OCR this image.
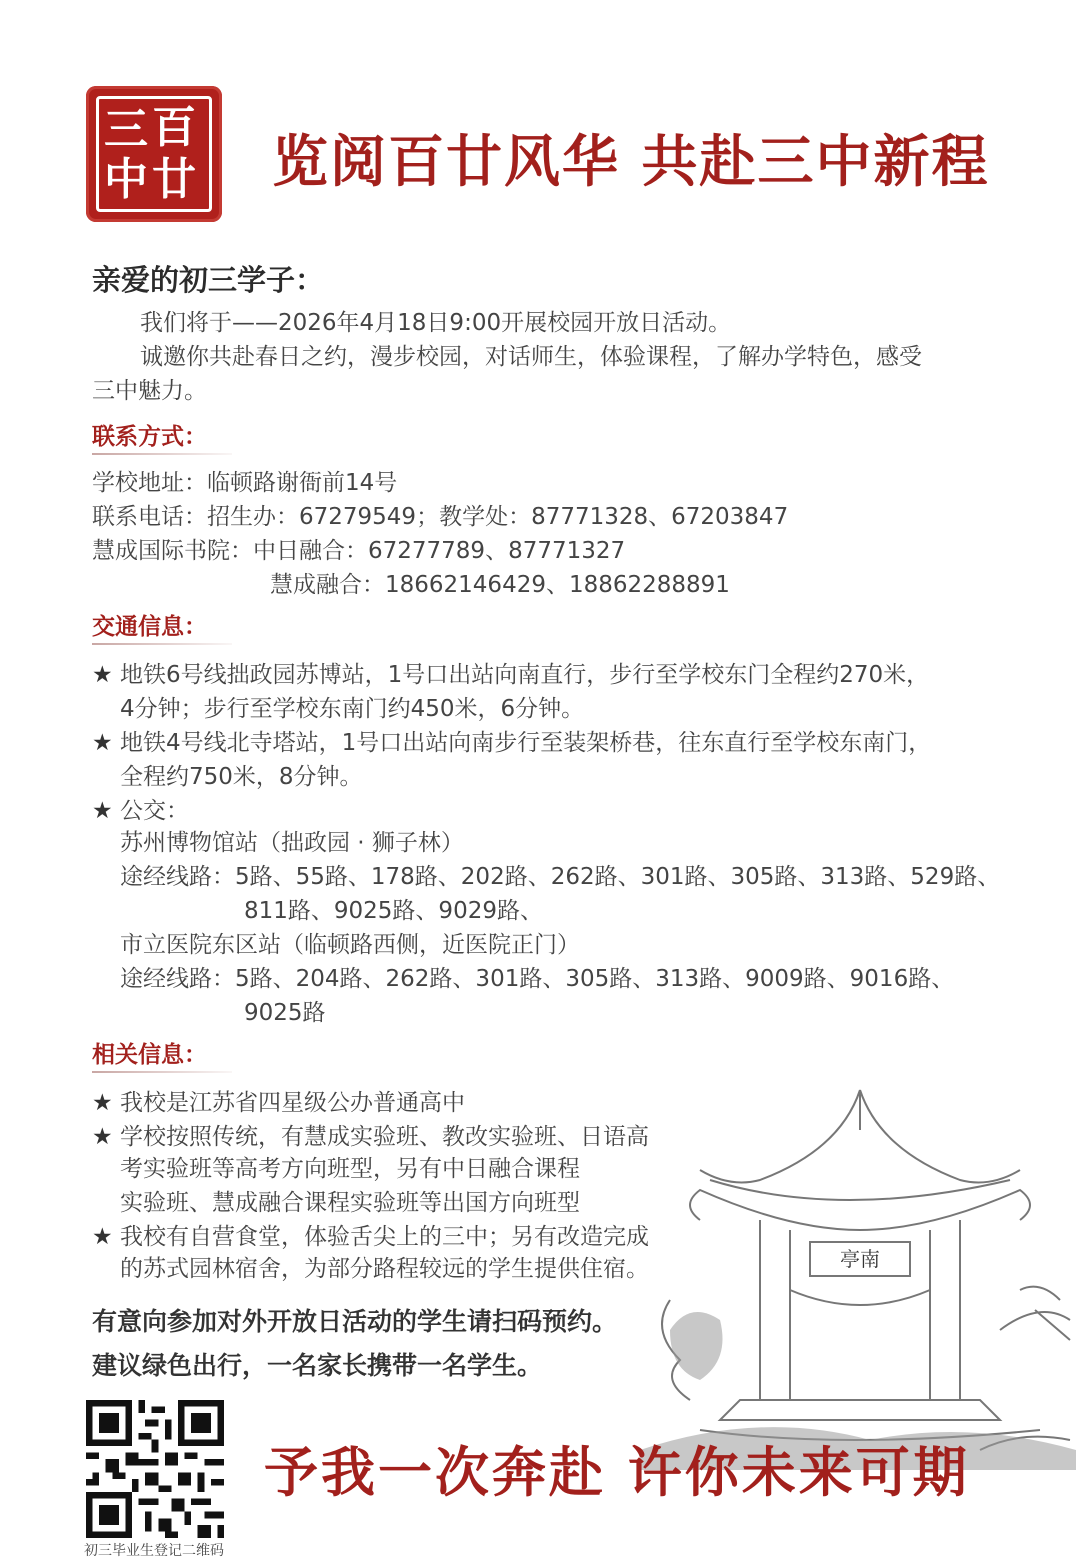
三 百
中 廿 览阅百廿风华 共赴三中新程
亲爱的初三学子：
我们将于——2026年4月18日9:00开展校园开放日活动。
诚邀你共赴春日之约，漫步校园，对话师生，体验课程，了解办学特色，感受
三中魅力。
联系方式：
学校地址：临顿路谢衙前14号
联系电话：招生办：67279549；教学处：87771328、67203847
慧成国际书院：中日融合：67277789、87771327
慧成融合：18662146429、18862288891
交通信息：
★ 地铁6号线拙政园苏博站，1号口出站向南直行，步行至学校东门全程约270米，
4分钟；步行至学校东南门约450米，6分钟。
★ 地铁4号线北寺塔站，1号口出站向南步行至装架桥巷，往东直行至学校东南门，
全程约750米，8分钟。
★ 公交：
苏州博物馆站（拙政园 · 狮子林）
途经线路：5路、55路、178路、202路、262路、301路、305路、313路、529路、
811路、9025路、9029路、
市立医院东区站（临顿路西侧，近医院正门）
途经线路：5路、204路、262路、301路、305路、313路、9009路、9016路、
9025路
亭南
相关信息：
★ 我校是江苏省四星级公办普通高中
★ 学校按照传统，有慧成实验班、教改实验班、日语高
考实验班等高考方向班型，另有中日融合课程
实验班、慧成融合课程实验班等出国方向班型
★ 我校有自营食堂，体验舌尖上的三中；另有改造完成
的苏式园林宿舍，为部分路程较远的学生提供住宿。
有意向参加对外开放日活动的学生请扫码预约。
建议绿色出行，一名家长携带一名学生。
初三毕业生登记二维码
予我一次奔赴 许你未来可期
